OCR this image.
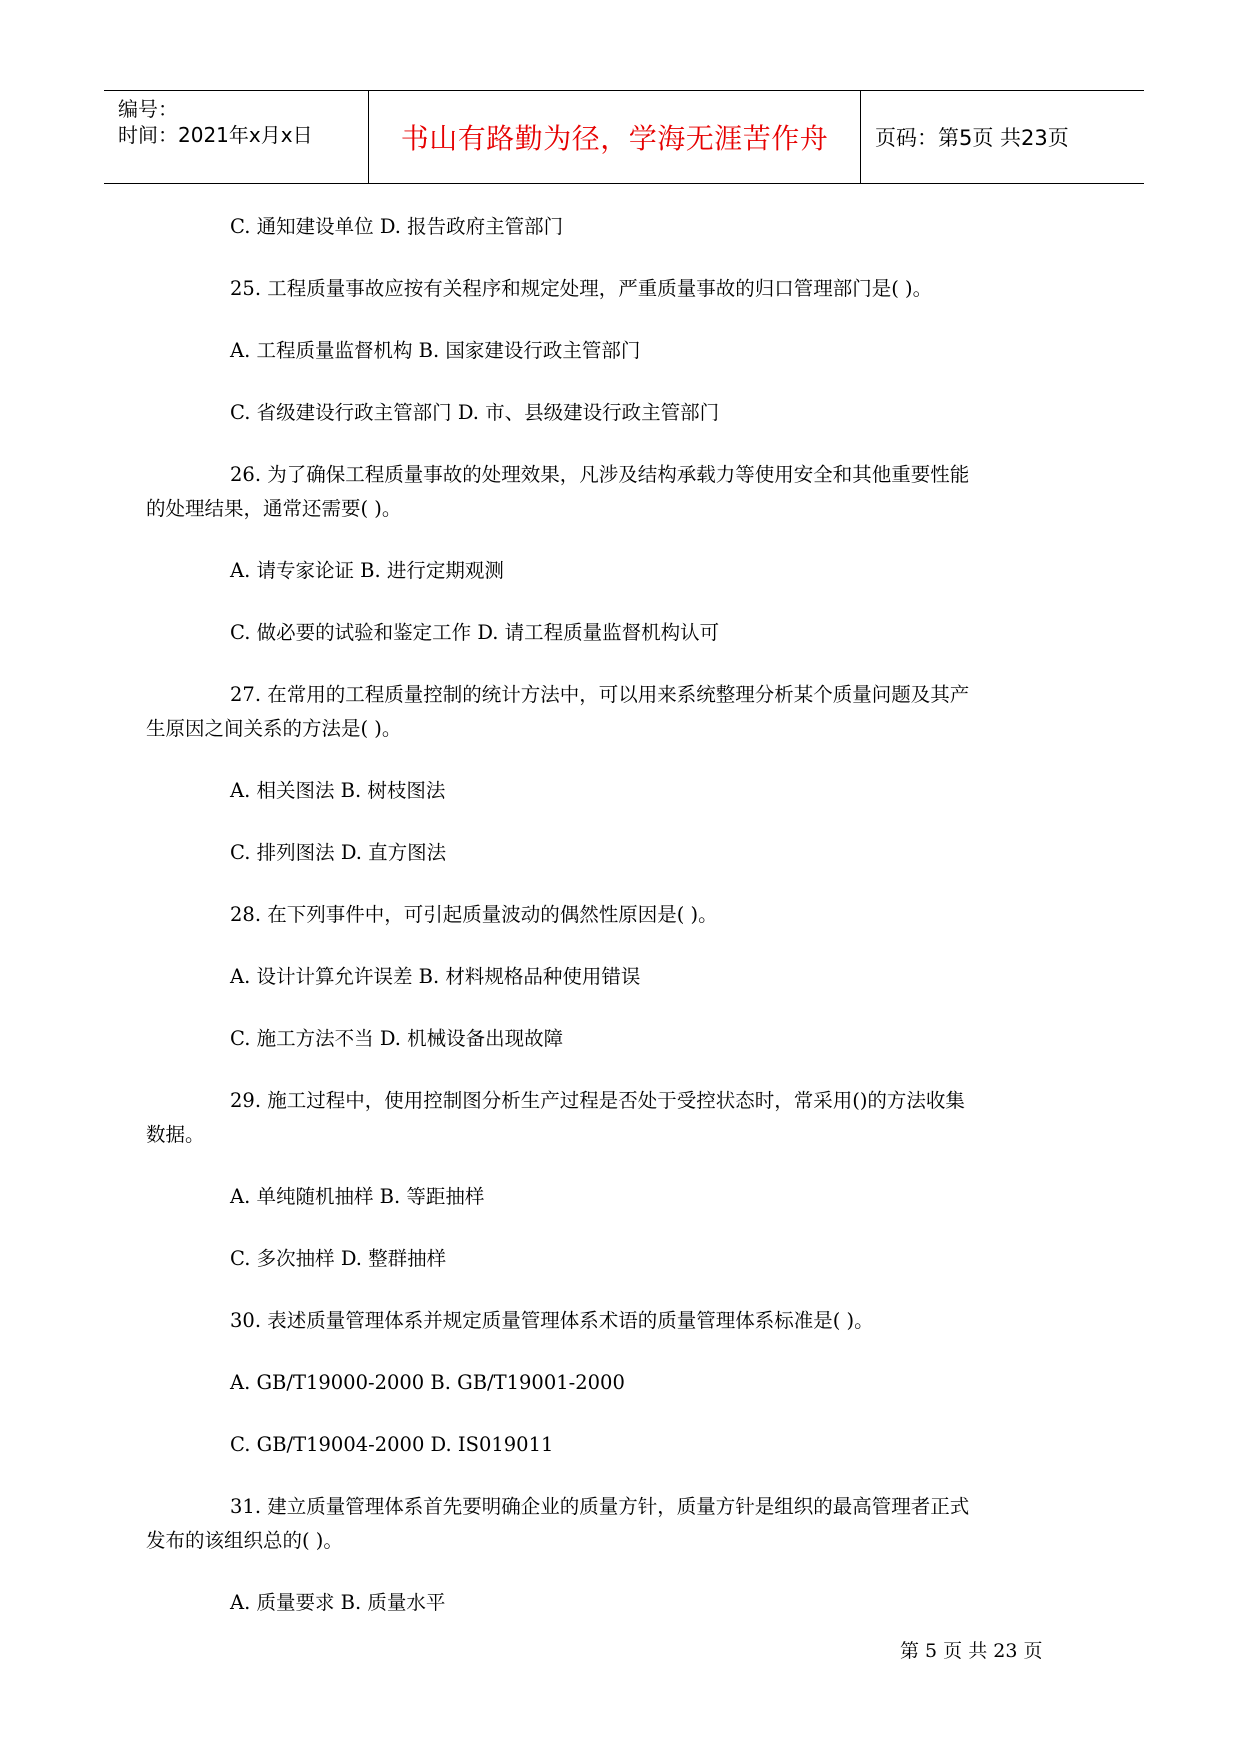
编号：
时间：2021年x月x日	书山有路勤为径，学海无涯苦作舟 页码：第5页 共23页
C. 通知建设单位 D. 报告政府主管部门
25. 工程质量事故应按有关程序和规定处理，严重质量事故的归口管理部门是( )。
A. 工程质量监督机构 B. 国家建设行政主管部门
C. 省级建设行政主管部门 D. 市、县级建设行政主管部门
26. 为了确保工程质量事故的处理效果，凡涉及结构承载力等使用安全和其他重要性能
的处理结果，通常还需要( )。
A. 请专家论证 B. 进行定期观测
C. 做必要的试验和鉴定工作 D. 请工程质量监督机构认可
27. 在常用的工程质量控制的统计方法中，可以用来系统整理分析某个质量问题及其产
生原因之间关系的方法是( )。
A. 相关图法 B. 树枝图法
C. 排列图法 D. 直方图法
28. 在下列事件中，可引起质量波动的偶然性原因是( )。
A. 设计计算允许误差 B. 材料规格品种使用错误
C. 施工方法不当 D. 机械设备出现故障
29. 施工过程中，使用控制图分析生产过程是否处于受控状态时，常采用()的方法收集
数据。
A. 单纯随机抽样 B. 等距抽样
C. 多次抽样 D. 整群抽样
30. 表述质量管理体系并规定质量管理体系术语的质量管理体系标准是( )。
A. GB/T19000-2000 B. GB/T19001-2000
C. GB/T19004-2000 D. IS019011
31. 建立质量管理体系首先要明确企业的质量方针，质量方针是组织的最高管理者正式
发布的该组织总的( )。
A. 质量要求 B. 质量水平
第 5 页 共 23 页
